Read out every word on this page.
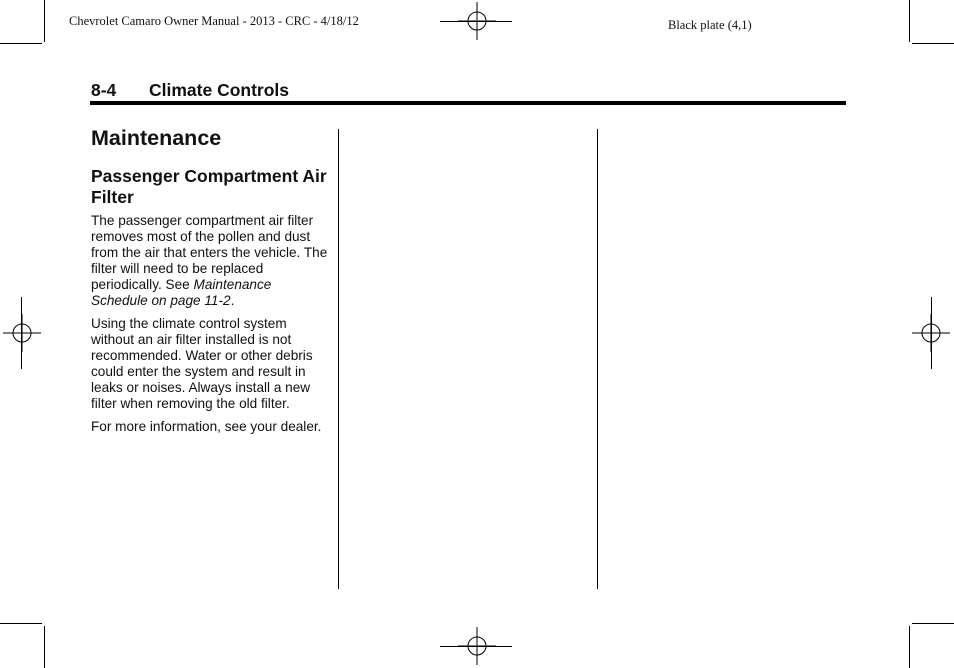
Chevrolet Camaro Owner Manual - 2013 - CRC - 4/18/12	Black plate (4,1)
8-4 Climate Controls
Maintenance
Passenger Compartment Air Filter

The passenger compartment air filter removes most of the pollen and dust from the air that enters the vehicle. The filter will need to be replaced periodically. See Maintenance Schedule on page 11-2.

Using the climate control system without an air filter installed is not recommended. Water or other debris could enter the system and result in leaks or noises. Always install a new filter when removing the old filter.

For more information, see your dealer.
